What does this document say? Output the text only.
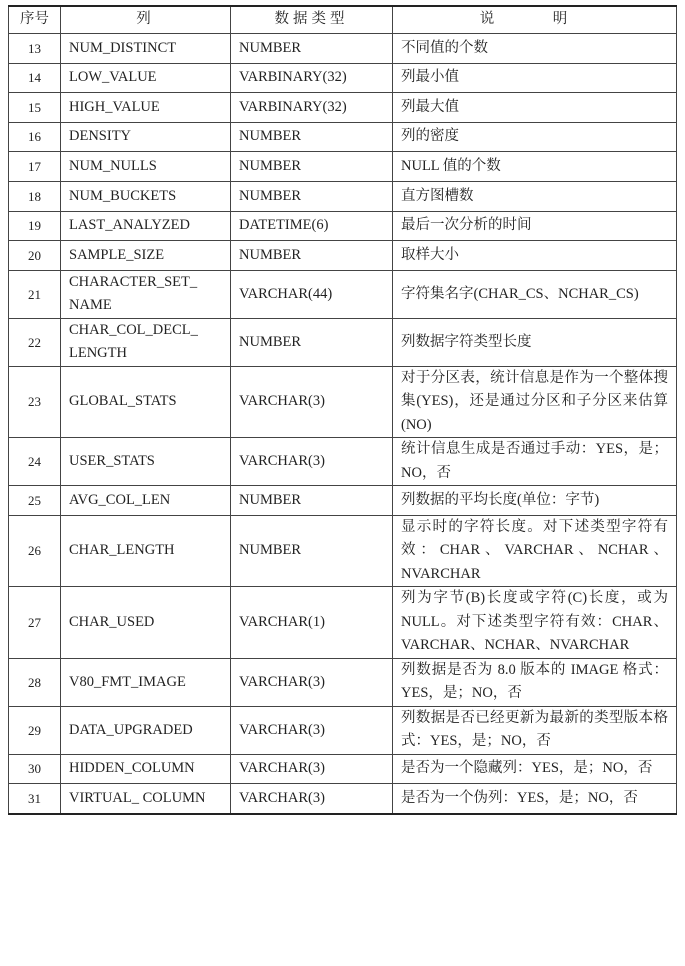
序号	列	数据类型	说　明
13	NUM_DISTINCT	NUMBER	不同值的个数
14	LOW_VALUE	VARBINARY(32)	列最小值
15	HIGH_VALUE	VARBINARY(32)	列最大值
16	DENSITY	NUMBER	列的密度
17	NUM_NULLS	NUMBER	NULL 值的个数
18	NUM_BUCKETS	NUMBER	直方图槽数
19	LAST_ANALYZED	DATETIME(6)	最后一次分析的时间
20	SAMPLE_SIZE	NUMBER	取样大小
21	CHARACTER_SET_ NAME	VARCHAR(44)	字符集名字(CHAR_CS、NCHAR_CS)
22	CHAR_COL_DECL_ LENGTH	NUMBER	列数据字符类型长度
23	GLOBAL_STATS	VARCHAR(3)	对于分区表，统计信息是作为一个整体搜集(YES)，还是通过分区和子分区来估算(NO)
24	USER_STATS	VARCHAR(3)	统计信息生成是否通过手动：YES，是；NO，否
25	AVG_COL_LEN	NUMBER	列数据的平均长度(单位：字节)
26	CHAR_LENGTH	NUMBER	显示时的字符长度。对下述类型字符有效：CHAR、VARCHAR、NCHAR、NVARCHAR
27	CHAR_USED	VARCHAR(1)	列为字节(B)长度或字符(C)长度，或为NULL。对下述类型字符有效：CHAR、VARCHAR、NCHAR、NVARCHAR
28	V80_FMT_IMAGE	VARCHAR(3)	列数据是否为 8.0 版本的 IMAGE 格式：YES，是；NO，否
29	DATA_UPGRADED	VARCHAR(3)	列数据是否已经更新为最新的类型版本格式：YES，是；NO，否
30	HIDDEN_COLUMN	VARCHAR(3)	是否为一个隐藏列：YES，是；NO，否
31	VIRTUAL_ COLUMN	VARCHAR(3)	是否为一个伪列：YES，是；NO，否
